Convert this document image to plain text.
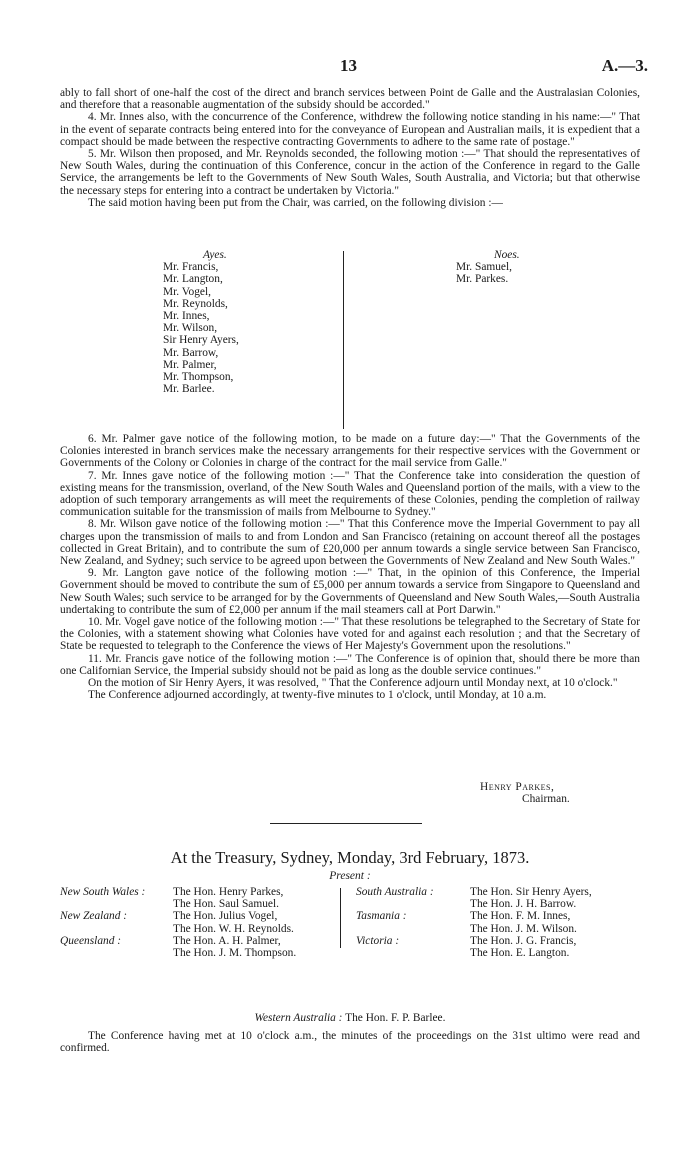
13	A.—3.

ably to fall short of one-half the cost of the direct and branch services between Point de Galle and the Australasian Colonies, and therefore that a reasonable augmentation of the subsidy should be accorded."

4. Mr. Innes also, with the concurrence of the Conference, withdrew the following notice standing in his name:—" That in the event of separate contracts being entered into for the conveyance of European and Australian mails, it is expedient that a compact should be made between the respective contracting Governments to adhere to the same rate of postage."

5. Mr. Wilson then proposed, and Mr. Reynolds seconded, the following motion :—" That should the representatives of New South Wales, during the continuation of this Conference, concur in the action of the Conference in regard to the Galle Service, the arrangements be left to the Governments of New South Wales, South Australia, and Victoria; but that otherwise the necessary steps for entering into a contract be undertaken by Victoria."

The said motion having been put from the Chair, was carried, on the following division :—

Ayes.
Mr. Francis,
Mr. Langton,
Mr. Vogel,
Mr. Reynolds,
Mr. Innes,
Mr. Wilson,
Sir Henry Ayers,
Mr. Barrow,
Mr. Palmer,
Mr. Thompson,
Mr. Barlee.
Noes.
Mr. Samuel,
Mr. Parkes.

6. Mr. Palmer gave notice of the following motion, to be made on a future day:—" That the Governments of the Colonies interested in branch services make the necessary arrangements for their respective services with the Government or Governments of the Colony or Colonies in charge of the contract for the mail service from Galle."

7. Mr. Innes gave notice of the following motion :—" That the Conference take into consideration the question of existing means for the transmission, overland, of the New South Wales and Queensland portion of the mails, with a view to the adoption of such temporary arrangements as will meet the requirements of these Colonies, pending the completion of railway communication suitable for the transmission of mails from Melbourne to Sydney."

8. Mr. Wilson gave notice of the following motion :—" That this Conference move the Imperial Government to pay all charges upon the transmission of mails to and from London and San Francisco (retaining on account thereof all the postages collected in Great Britain), and to contribute the sum of £20,000 per annum towards a single service between San Francisco, New Zealand, and Sydney; such service to be agreed upon between the Governments of New Zealand and New South Wales."

9. Mr. Langton gave notice of the following motion :—" That, in the opinion of this Conference, the Imperial Government should be moved to contribute the sum of £5,000 per annum towards a service from Singapore to Queensland and New South Wales; such service to be arranged for by the Governments of Queensland and New South Wales,—South Australia undertaking to contribute the sum of £2,000 per annum if the mail steamers call at Port Darwin."

10. Mr. Vogel gave notice of the following motion :—" That these resolutions be telegraphed to the Secretary of State for the Colonies, with a statement showing what Colonies have voted for and against each resolution ; and that the Secretary of State be requested to telegraph to the Conference the views of Her Majesty's Government upon the resolutions."

11. Mr. Francis gave notice of the following motion :—" The Conference is of opinion that, should there be more than one Californian Service, the Imperial subsidy should not be paid as long as the double service continues."

On the motion of Sir Henry Ayers, it was resolved, " That the Conference adjourn until Monday next, at 10 o'clock."

The Conference adjourned accordingly, at twenty-five minutes to 1 o'clock, until Monday, at 10 a.m.

Henry Parkes,
Chairman.
At the Treasury, Sydney, Monday, 3rd February, 1873.
Present :
New South Wales : The Hon. Henry Parkes,
The Hon. Saul Samuel.
New Zealand :	The Hon. Julius Vogel,
The Hon. W. H. Reynolds.
Queensland :	The Hon. A. H. Palmer,
The Hon. J. M. Thompson.
South Australia :	The Hon. Sir Henry Ayers,
The Hon. J. H. Barrow.
Tasmania :	The Hon. F. M. Innes,
The Hon. J. M. Wilson.
Victoria :	The Hon. J. G. Francis,
The Hon. E. Langton.
Western Australia : The Hon. F. P. Barlee.

The Conference having met at 10 o'clock a.m., the minutes of the proceedings on the 31st ultimo were read and confirmed.
